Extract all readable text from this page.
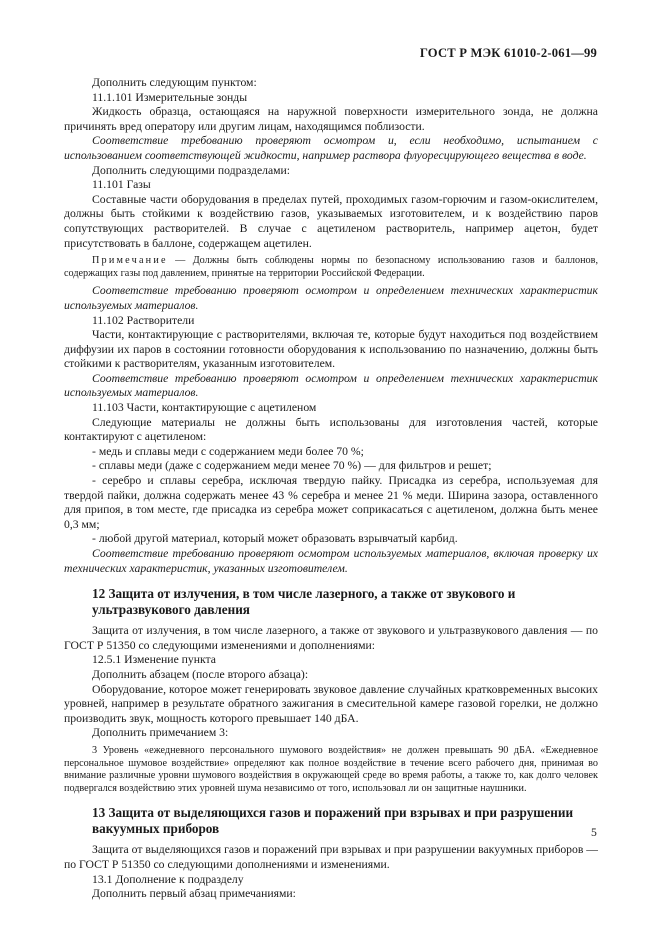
ГОСТ Р МЭК 61010-2-061—99

Дополнить следующим пунктом:

11.1.101 Измерительные зонды

Жидкость образца, остающаяся на наружной поверхности измерительного зонда, не должна причинять вред оператору или другим лицам, находящимся поблизости.

Соответствие требованию проверяют осмотром и, если необходимо, испытанием с использованием соответствующей жидкости, например раствора флуоресцирующего вещества в воде.

Дополнить следующими подразделами:

11.101 Газы

Составные части оборудования в пределах путей, проходимых газом-горючим и газом-окислителем, должны быть стойкими к воздействию газов, указываемых изготовителем, и к воздействию паров сопутствующих растворителей. В случае с ацетиленом растворитель, например ацетон, будет присутствовать в баллоне, содержащем ацетилен.

Примечание — Должны быть соблюдены нормы по безопасному использованию газов и баллонов, содержащих газы под давлением, принятые на территории Российской Федерации.

Соответствие требованию проверяют осмотром и определением технических характеристик используемых материалов.

11.102 Растворители

Части, контактирующие с растворителями, включая те, которые будут находиться под воздействием диффузии их паров в состоянии готовности оборудования к использованию по назначению, должны быть стойкими к растворителям, указанным изготовителем.

Соответствие требованию проверяют осмотром и определением технических характеристик используемых материалов.

11.103 Части, контактирующие с ацетиленом

Следующие материалы не должны быть использованы для изготовления частей, которые контактируют с ацетиленом:

- медь и сплавы меди с содержанием меди более 70 %;

- сплавы меди (даже с содержанием меди менее 70 %) — для фильтров и решет;

- серебро и сплавы серебра, исключая твердую пайку. Присадка из серебра, используемая для твердой пайки, должна содержать менее 43 % серебра и менее 21 % меди. Ширина зазора, оставленного для припоя, в том месте, где присадка из серебра может соприкасаться с ацетиленом, должна быть менее 0,3 мм;

- любой другой материал, который может образовать взрывчатый карбид.

Соответствие требованию проверяют осмотром используемых материалов, включая проверку их технических характеристик, указанных изготовителем.

12 Защита от излучения, в том числе лазерного, а также от звукового и ультразвукового давления

Защита от излучения, в том числе лазерного, а также от звукового и ультразвукового давления — по ГОСТ Р 51350 со следующими изменениями и дополнениями:

12.5.1 Изменение пункта

Дополнить абзацем (после второго абзаца):

Оборудование, которое может генерировать звуковое давление случайных кратковременных высоких уровней, например в результате обратного зажигания в смесительной камере газовой горелки, не должно производить звук, мощность которого превышает 140 дБА.

Дополнить примечанием 3:

3 Уровень «ежедневного персонального шумового воздействия» не должен превышать 90 дБА. «Ежедневное персональное шумовое воздействие» определяют как полное воздействие в течение всего рабочего дня, принимая во внимание различные уровни шумового воздействия в окружающей среде во время работы, а также то, как долго человек подвергался воздействию этих уровней шума независимо от того, использовал ли он защитные наушники.

13 Защита от выделяющихся газов и поражений при взрывах и при разрушении вакуумных приборов

Защита от выделяющихся газов и поражений при взрывах и при разрушении вакуумных приборов — по ГОСТ Р 51350 со следующими дополнениями и изменениями.

13.1 Дополнение к подразделу

Дополнить первый абзац примечаниями:

5
